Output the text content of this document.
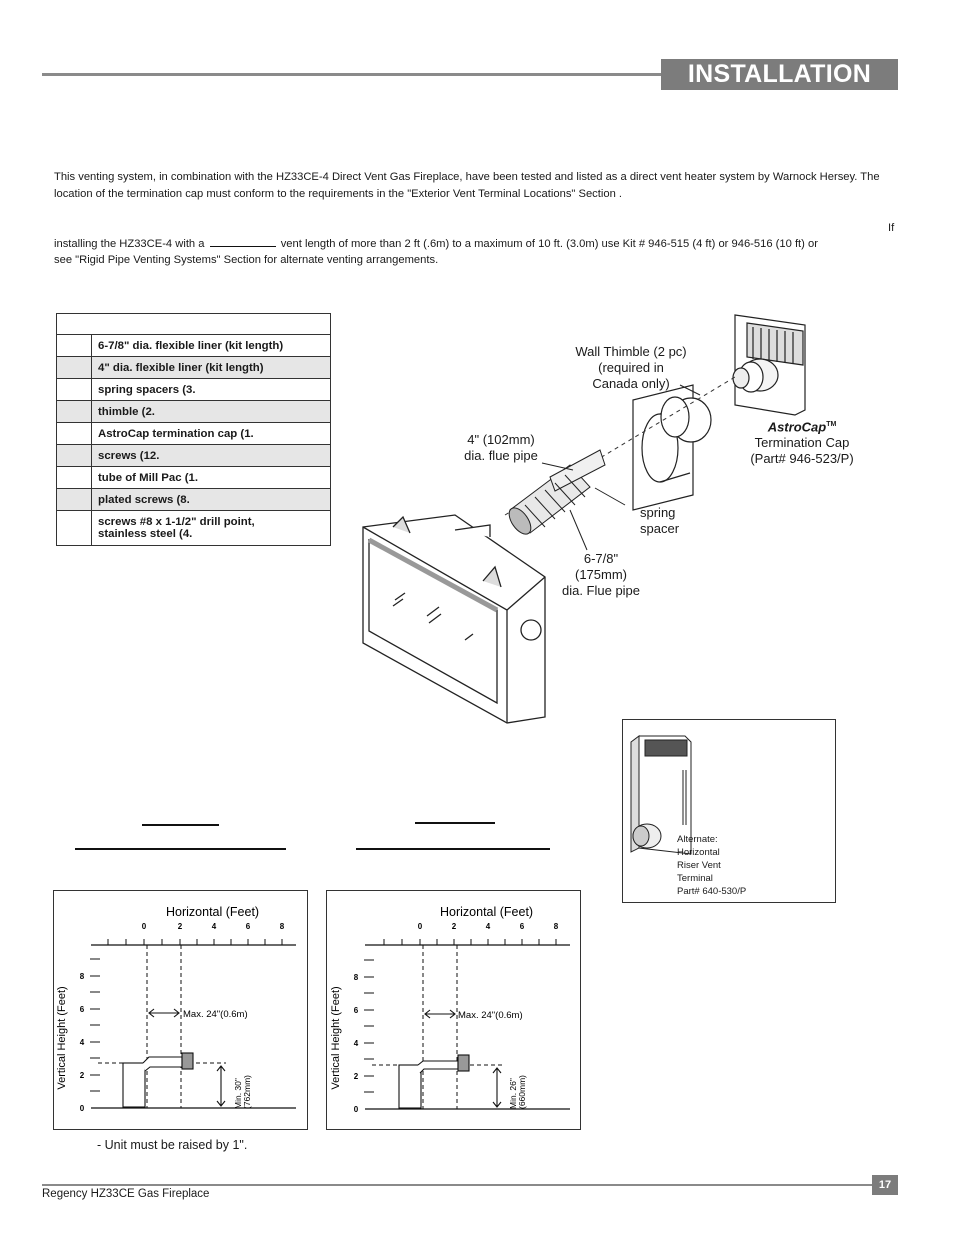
INSTALLATION
This venting system, in combination with the HZ33CE-4 Direct Vent Gas Fireplace, have been tested and listed as a direct vent heater system by Warnock Hersey. The location of the termination cap must conform to the requirements in the "Exterior Vent Terminal Locations" Section .
If
installing the HZ33CE-4 with a	vent length of more than 2 ft (.6m) to a maximum of 10 ft. (3.0m) use Kit # 946-515 (4 ft) or 946-516 (10 ft) or
see "Rigid Pipe Venting Systems" Section for alternate venting arrangements.

	6-7/8" dia. flexible liner (kit length)
	4" dia. flexible liner (kit length)
	spring spacers (3.
	thimble (2.
	AstroCap termination cap (1.
	screws (12.
	tube of Mill Pac (1.
	plated screws (8.
	screws #8 x 1-1/2" drill point,
stainless steel (4.
Wall Thimble (2 pc)
(required in
Canada only)
AstroCap™
Termination Cap
(Part# 946-523/P)
4" (102mm)
dia. flue pipe
spring
spacer
6-7/8"
(175mm)
dia. Flue pipe
Alternate:
Horizontal
Riser Vent
Terminal
Part# 640-530/P
Horizontal (Feet)
0	2	4	6	8
Vertical Height (Feet)
0
2
4
6
8
Max. 24"(0.6m)
Min. 30" (762mm)
Horizontal (Feet)
0	2	4	6	8
Vertical Height (Feet)
0
2
4
6
8
Max. 24"(0.6m)
Min. 26" (660mm)
- Unit must be raised by 1".
17
Regency HZ33CE Gas Fireplace
